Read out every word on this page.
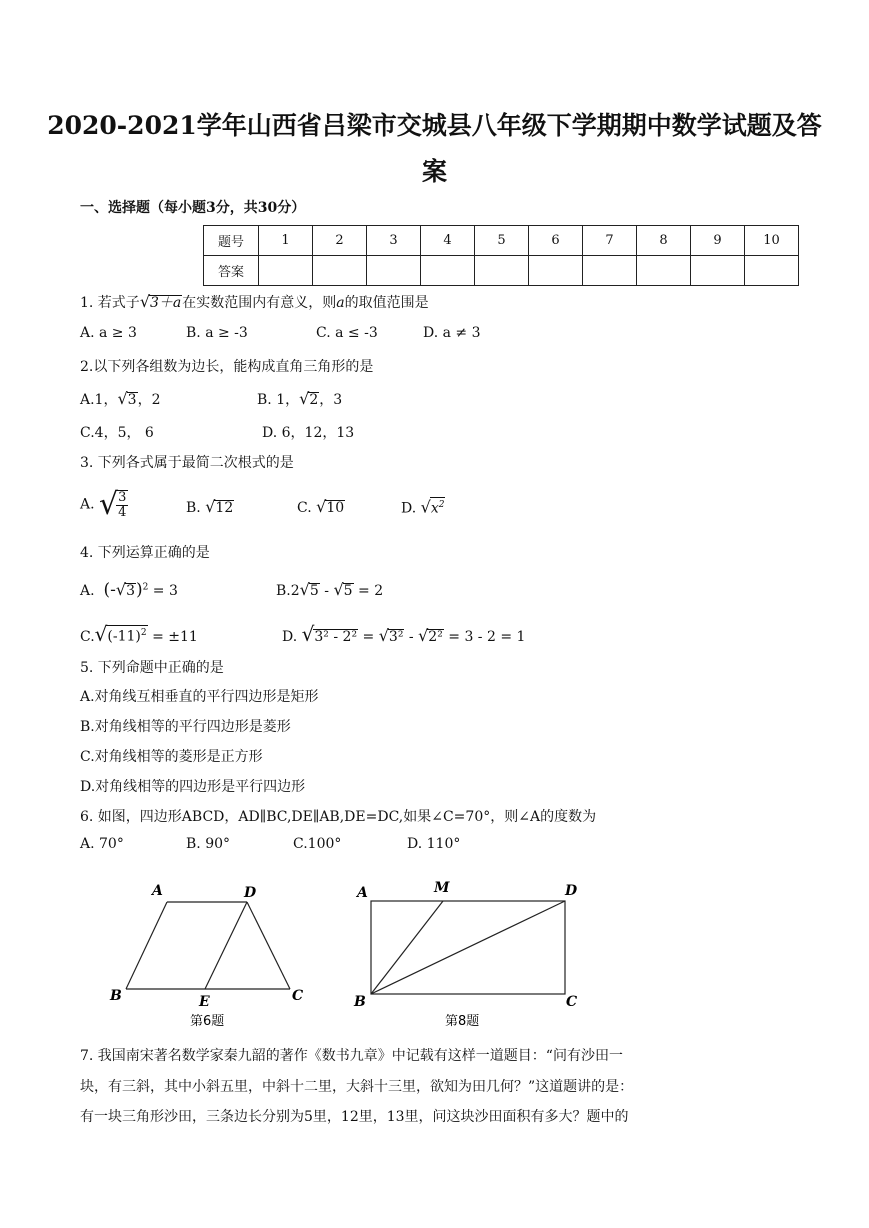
2020-2021学年山西省吕梁市交城县八年级下学期期中数学试题及答
案
一、选择题（每小题3分，共30分）
题号	1	2	3	4	5	6	7	8	9	10
答案										
1. 若式子√3＋a在实数范围内有意义，则a的取值范围是
A. a ≥ 3	B. a ≥ -3	C. a ≤ -3	D. a ≠ 3
2.以下列各组数为边长，能构成直角三角形的是
A.1，√3，2	B. 1，√2，3
C.4，5， 6	D. 6，12，13
3. 下列各式属于最简二次根式的是
A. √
$\frac{3}{4}$	B. √12	C. √10	D. $√x^2$
4. 下列运算正确的是
A. $(-√3)^2 = 3$	B.2√5 - √5 = 2
$C.√(-11)^2 = \pm 11$	D. √3² - 2² = √3² - √2² = 3 - 2 = 1
5. 下列命题中正确的是
A.对角线互相垂直的平行四边形是矩形
B.对角线相等的平行四边形是菱形
C.对角线相等的菱形是正方形
D.对角线相等的四边形是平行四边形
6. 如图，四边形ABCD，AD∥BC,DE∥AB,DE=DC,如果∠C=70°，则∠A的度数为
A. 70°	B. 90°	C.100°	D. 110°
A	D
B	E	C
第6题
A	M	D
B	C
第8题
7. 我国南宋著名数学家秦九韶的著作《数书九章》中记载有这样一道题目：“问有沙田一
块，有三斜，其中小斜五里，中斜十二里，大斜十三里，欲知为田几何？”这道题讲的是：
有一块三角形沙田，三条边长分别为5里，12里，13里，问这块沙田面积有多大？题中的
